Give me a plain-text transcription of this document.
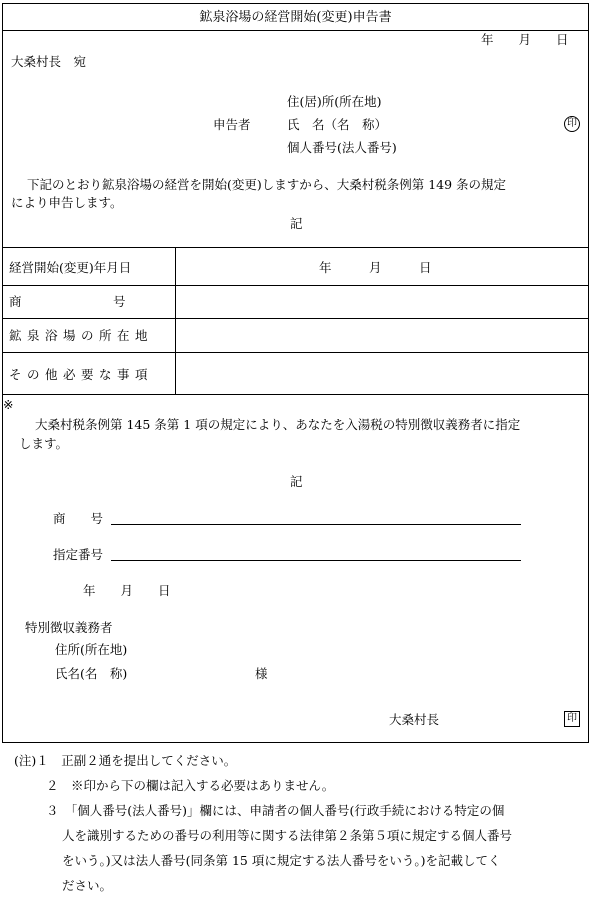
鉱泉浴場の経営開始(変更)申告書
年　　月　　日
大桑村長　宛
住(居)所(所在地)
申告者	氏　名（名　称）	印
個人番号(法人番号)
下記のとおり鉱泉浴場の経営を開始(変更)しますから、大桑村税条例第 149 条の規定
により申告します。
記
経営開始(変更)年月日	年　　　月　　　日
商　　　　　　　号
鉱泉浴場の所在地
その他必要な事項
※
大桑村税条例第 145 条第 1 項の規定により、あなたを入湯税の特別徴収義務者に指定
します。
記
商　　号
指定番号
年　　月　　日
特別徴収義務者
住所(所在地)
氏名(名　称)	様
大桑村長	印
(注)１　正副２通を提出してください。
２　※印から下の欄は記入する必要はありません。
３　「個人番号(法人番号)」欄には、申請者の個人番号(行政手続における特定の個
人を識別するための番号の利用等に関する法律第２条第５項に規定する個人番号
をいう。)又は法人番号(同条第 15 項に規定する法人番号をいう。)を記載してく
ださい。
